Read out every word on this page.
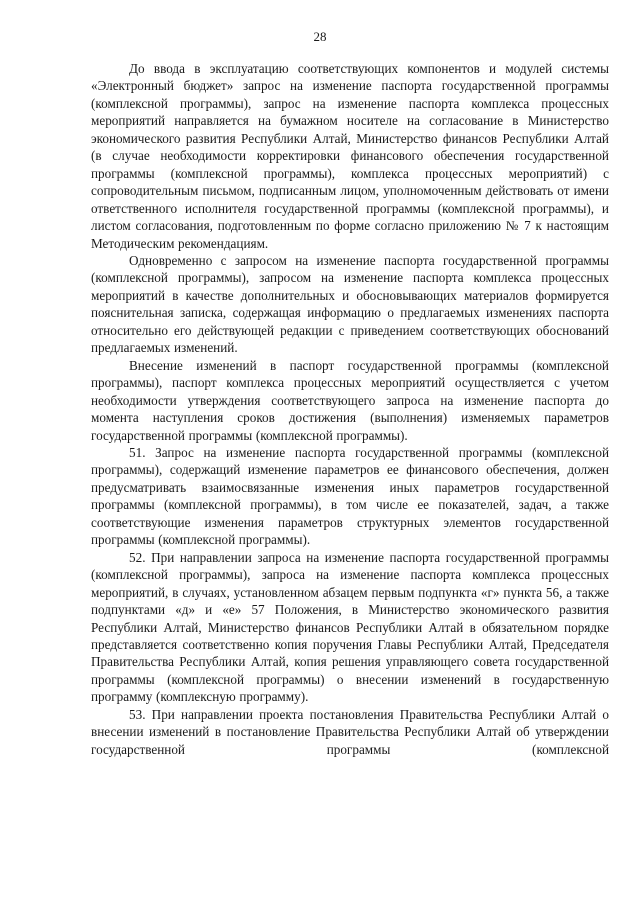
28

До ввода в эксплуатацию соответствующих компонентов и модулей системы «Электронный бюджет» запрос на изменение паспорта государственной программы (комплексной программы), запрос на изменение паспорта комплекса процессных мероприятий направляется на бумажном носителе на согласование в Министерство экономического развития Республики Алтай, Министерство финансов Республики Алтай (в случае необходимости корректировки финансового обеспечения государственной программы (комплексной программы), комплекса процессных мероприятий) с сопроводительным письмом, подписанным лицом, уполномоченным действовать от имени ответственного исполнителя государственной программы (комплексной программы), и листом согласования, подготовленным по форме согласно приложению № 7 к настоящим Методическим рекомендациям.

Одновременно с запросом на изменение паспорта государственной программы (комплексной программы), запросом на изменение паспорта комплекса процессных мероприятий в качестве дополнительных и обосновывающих материалов формируется пояснительная записка, содержащая информацию о предлагаемых изменениях паспорта относительно его действующей редакции с приведением соответствующих обоснований предлагаемых изменений.

Внесение изменений в паспорт государственной программы (комплексной программы), паспорт комплекса процессных мероприятий осуществляется с учетом необходимости утверждения соответствующего запроса на изменение паспорта до момента наступления сроков достижения (выполнения) изменяемых параметров государственной программы (комплексной программы).

51. Запрос на изменение паспорта государственной программы (комплексной программы), содержащий изменение параметров ее финансового обеспечения, должен предусматривать взаимосвязанные изменения иных параметров государственной программы (комплексной программы), в том числе ее показателей, задач, а также соответствующие изменения параметров структурных элементов государственной программы (комплексной программы).

52. При направлении запроса на изменение паспорта государственной программы (комплексной программы), запроса на изменение паспорта комплекса процессных мероприятий, в случаях, установленном абзацем первым подпункта «г» пункта 56, а также подпунктами «д» и «е» 57 Положения, в Министерство экономического развития Республики Алтай, Министерство финансов Республики Алтай в обязательном порядке представляется соответственно копия поручения Главы Республики Алтай, Председателя Правительства Республики Алтай, копия решения управляющего совета государственной программы (комплексной программы) о внесении изменений в государственную программу (комплексную программу).

53. При направлении проекта постановления Правительства Республики Алтай о внесении изменений в постановление Правительства Республики Алтай об утверждении государственной программы (комплексной
